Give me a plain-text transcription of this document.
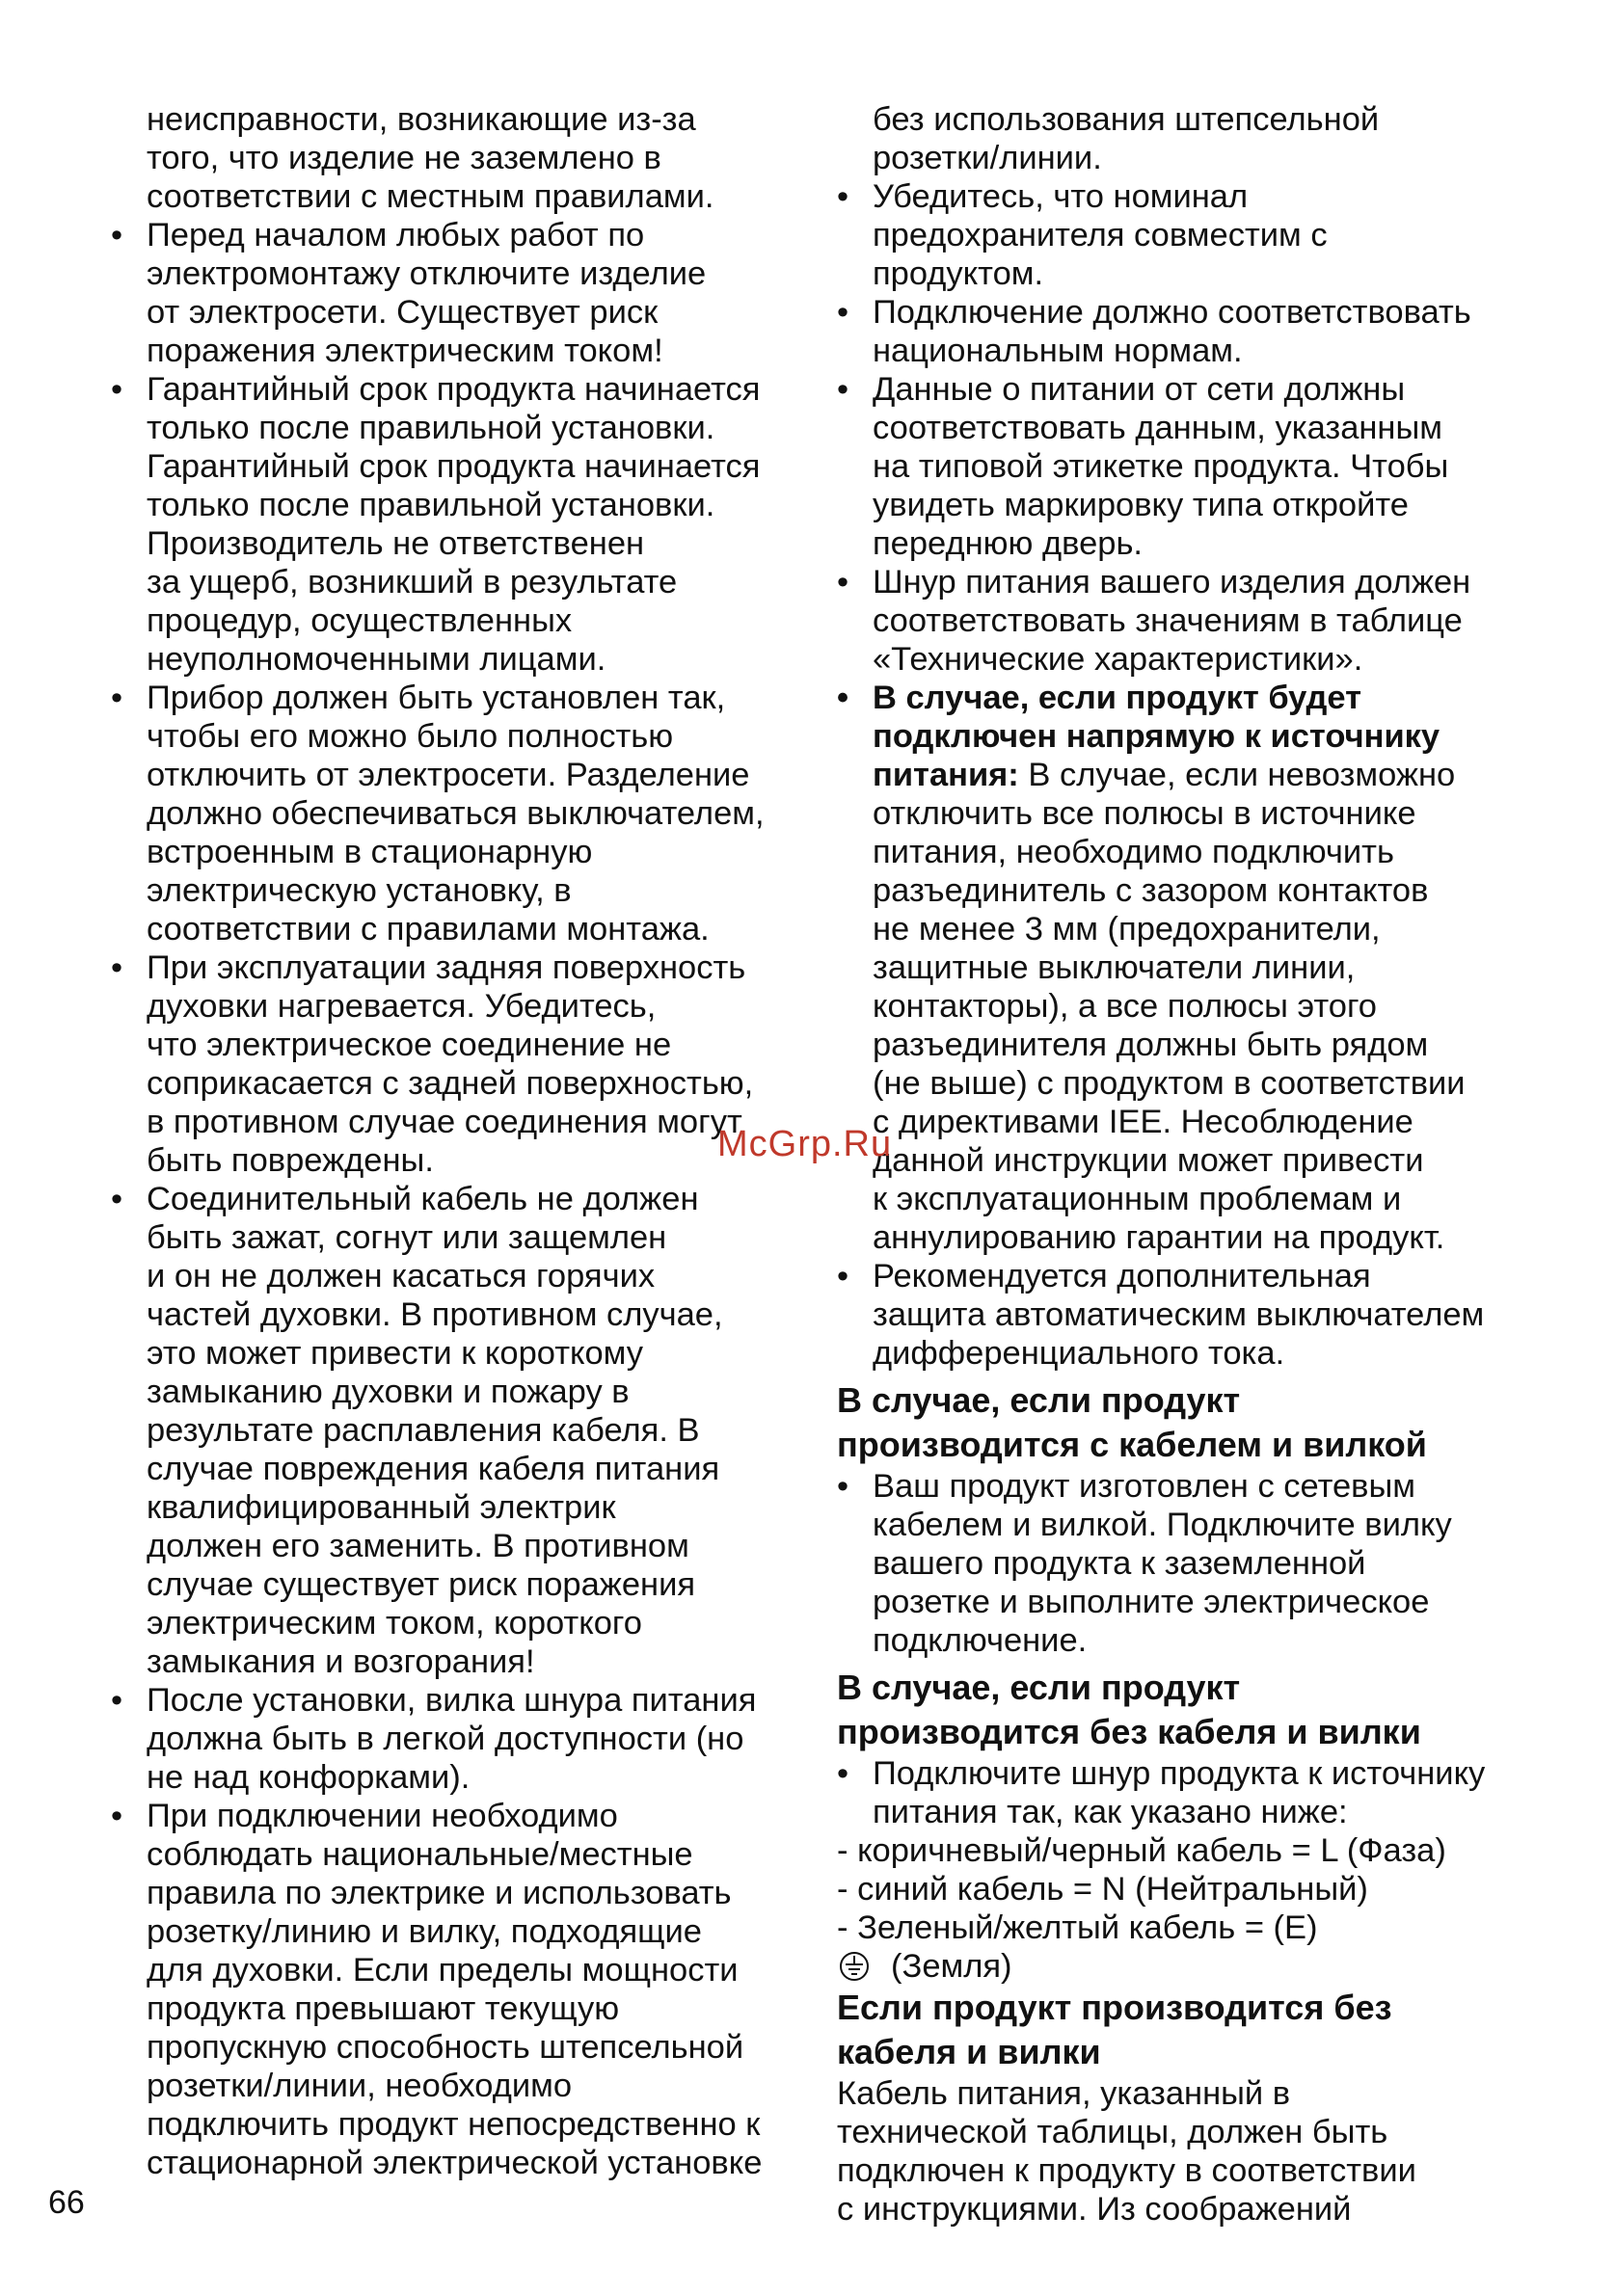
неисправности, возникающие из-за
того, что изделие не заземлено в
соответствии с местным правилами.
• Перед началом любых работ по
электромонтажу отключите изделие
от электросети. Существует риск
поражения электрическим током!
• Гарантийный срок продукта начинается
только после правильной установки.
Гарантийный срок продукта начинается
только после правильной установки.
Производитель не ответственен
за ущерб, возникший в результате
процедур, осуществленных
неуполномоченными лицами.
• Прибор должен быть установлен так,
чтобы его можно было полностью
отключить от электросети. Разделение
должно обеспечиваться выключателем,
встроенным в стационарную
электрическую установку, в
соответствии с правилами монтажа.
• При эксплуатации задняя поверхность
духовки нагревается. Убедитесь,
что электрическое соединение не
соприкасается с задней поверхностью,
в противном случае соединения могут
быть повреждены.
• Соединительный кабель не должен
быть зажат, согнут или защемлен
и он не должен касаться горячих
частей духовки. В противном случае,
это может привести к короткому
замыканию духовки и пожару в
результате расплавления кабеля. В
случае повреждения кабеля питания
квалифицированный электрик
должен его заменить. В противном
случае существует риск поражения
электрическим током, короткого
замыкания и возгорания!
• После установки, вилка шнура питания
должна быть в легкой доступности (но
не над конфорками).
• При подключении необходимо
соблюдать национальные/местные
правила по электрике и использовать
розетку/линию и вилку, подходящие
для духовки. Если пределы мощности
продукта превышают текущую
пропускную способность штепсельной
розетки/линии, необходимо
подключить продукт непосредственно к
стационарной электрической установке
без использования штепсельной
розетки/линии.
• Убедитесь, что номинал
предохранителя совместим с
продуктом.
• Подключение должно соответствовать
национальным нормам.
• Данные о питании от сети должны
соответствовать данным, указанным
на типовой этикетке продукта. Чтобы
увидеть маркировку типа откройте
переднюю дверь.
• Шнур питания вашего изделия должен
соответствовать значениям в таблице
«Технические характеристики».
• В случае, если продукт будет
подключен напрямую к источнику
питания: В случае, если невозможно
отключить все полюсы в источнике
питания, необходимо подключить
разъединитель с зазором контактов
не менее 3 мм (предохранители,
защитные выключатели линии,
контакторы), а все полюсы этого
разъединителя должны быть рядом
(не выше) с продуктом в соответствии
с директивами IEE. Несоблюдение
данной инструкции может привести
к эксплуатационным проблемам и
аннулированию гарантии на продукт.
• Рекомендуется дополнительная
защита автоматическим выключателем
дифференциального тока.
В случае, если продукт
производится с кабелем и вилкой
• Ваш продукт изготовлен с сетевым
кабелем и вилкой. Подключите вилку
вашего продукта к заземленной
розетке и выполните электрическое
подключение.
В случае, если продукт
производится без кабеля и вилки
• Подключите шнур продукта к источнику
питания так, как указано ниже:
- коричневый/черный кабель = L (Фаза)
- синий кабель = N (Нейтральный)
- Зеленый/желтый кабель = (E)
(Земля)
Если продукт производится без
кабеля и вилки
Кабель питания, указанный в
технической таблицы, должен быть
подключен к продукту в соответствии
с инструкциями. Из соображений
McGrp.Ru
66
